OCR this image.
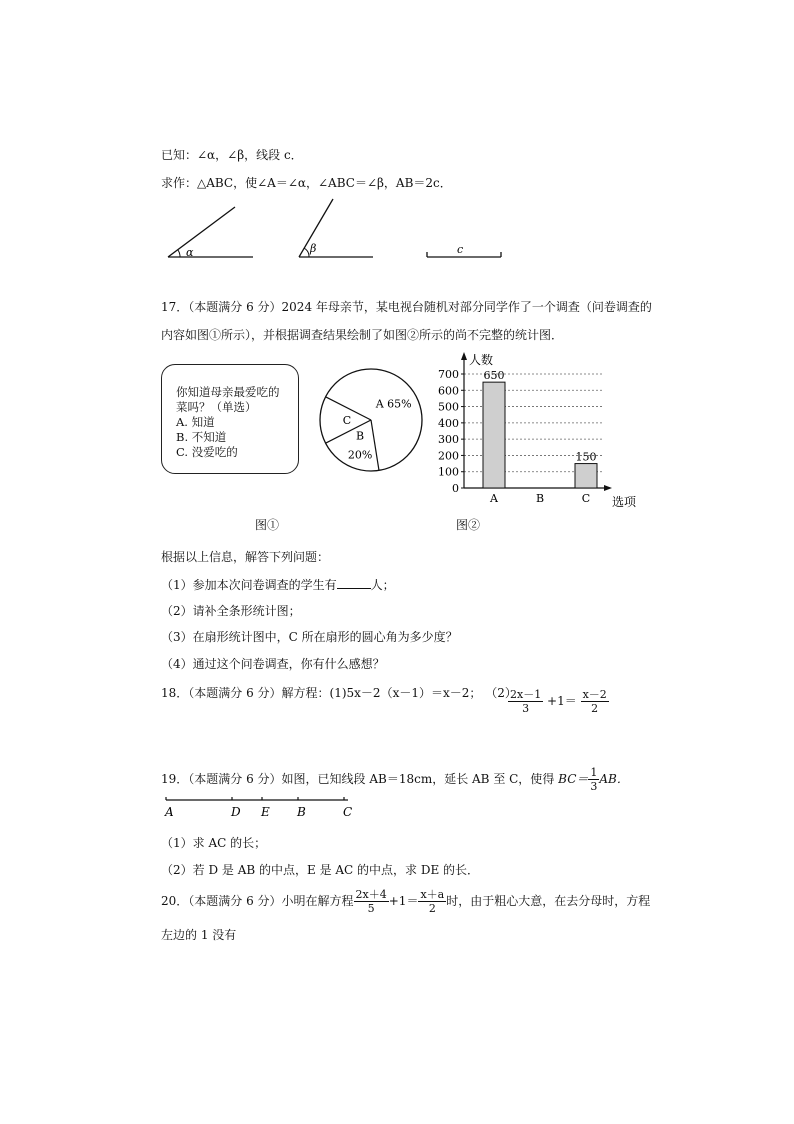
已知：∠α，∠β，线段 c．
求作：△ABC，使∠A＝∠α，∠ABC＝∠β，AB＝2c．
α	β	c
17．（本题满分 6 分）2024 年母亲节，某电视台随机对部分同学作了一个调查（问卷调查的
内容如图①所示），并根据调查结果绘制了如图②所示的尚不完整的统计图．
你知道母亲最爱吃的
菜吗？（单选）
A. 知道
B. 不知道
C. 没爱吃的
A 65%
B
20%
C
0
100
200
300
400
500
600
700
人数
选项
A
650
B	C
150
图①	图②
根据以上信息，解答下列问题：
（1）参加本次问卷调查的学生有	人；
（2）请补全条形统计图；
（3）在扇形统计图中，C 所在扇形的圆心角为多少度？
（4）通过这个问卷调查，你有什么感想？
18．（本题满分 6 分）解方程：(1)5x－2（x－1）＝x－2； （2）
$\frac{2x-1}{3} +1= \frac{x-2}{2}$
19．（本题满分 6 分）如图，已知线段 AB＝18cm，延长 AB 至 C，使得 $BC= \frac{1}{3}$ AB．
A	D E B	C
（1）求 AC 的长；
（2）若 D 是 AB 的中点，E 是 AC 的中点，求 DE 的长．
20．（本题满分 6 分）小明在解方程 $\frac{2x+4}{5} +1= \frac{x+a}{2}$ 时，由于粗心大意，在去分母时，方程
左边的 1 没有
